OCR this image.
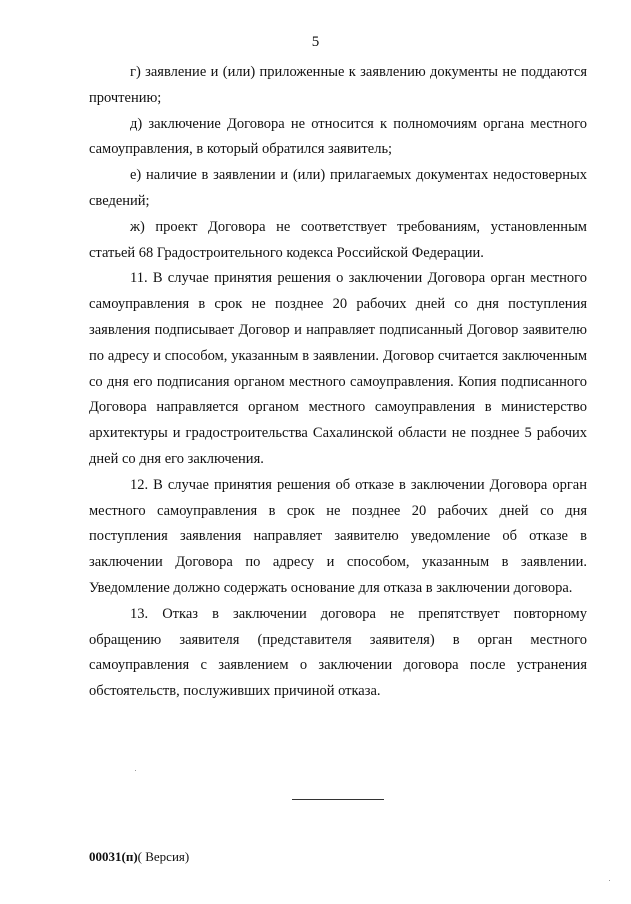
5

г) заявление и (или) приложенные к заявлению документы не поддаются прочтению;

д) заключение Договора не относится к полномочиям органа местного самоуправления, в который обратился заявитель;

е) наличие в заявлении и (или) прилагаемых документах недостоверных сведений;

ж) проект Договора не соответствует требованиям, установленным статьей 68 Градостроительного кодекса Российской Федерации.

11. В случае принятия решения о заключении Договора орган местного самоуправления в срок не позднее 20 рабочих дней со дня поступления заявления подписывает Договор и направляет подписанный Договор заявителю по адресу и способом, указанным в заявлении. Договор считается заключенным со дня его подписания органом местного самоуправления. Копия подписанного Договора направляется органом местного самоуправления в министерство архитектуры и градостроительства Сахалинской области не позднее 5 рабочих дней со дня его заключения.

12. В случае принятия решения об отказе в заключении Договора орган местного самоуправления в срок не позднее 20 рабочих дней со дня поступления заявления направляет заявителю уведомление об отказе в заключении Договора по адресу и способом, указанным в заявлении. Уведомление должно содержать основание для отказа в заключении договора.

13. Отказ в заключении договора не препятствует повторному обращению заявителя (представителя заявителя) в орган местного самоуправления с заявлением о заключении договора после устранения обстоятельств, послуживших причиной отказа.

00031(п)( Версия)
